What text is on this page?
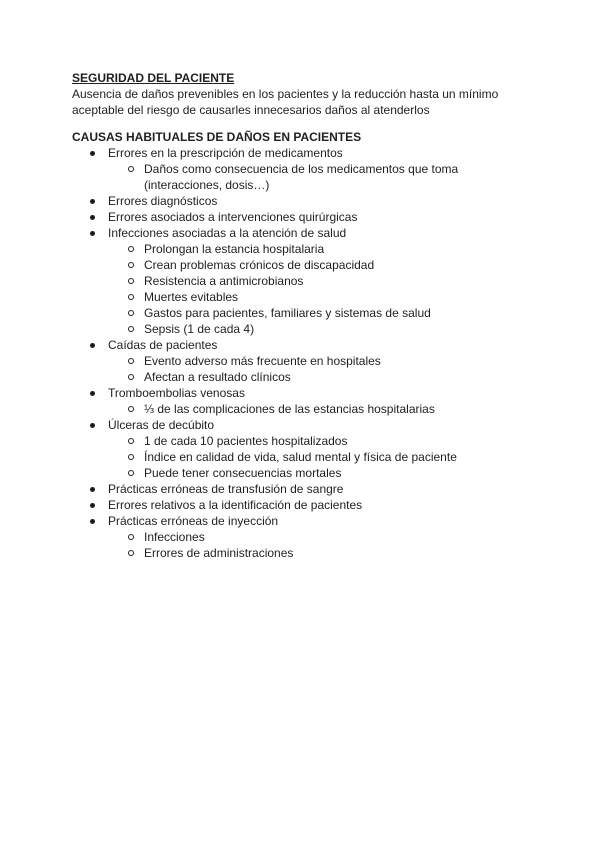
SEGURIDAD DEL PACIENTE

Ausencia de daños prevenibles en los pacientes y la reducción hasta un mínimo aceptable del riesgo de causarles innecesarios daños al atenderlos

CAUSAS HABITUALES DE DAÑOS EN PACIENTES

Errores en la prescripción de medicamentos
Daños como consecuencia de los medicamentos que toma (interacciones, dosis…)
Errores diagnósticos
Errores asociados a intervenciones quirúrgicas
Infecciones asociadas a la atención de salud
Prolongan la estancia hospitalaria
Crean problemas crónicos de discapacidad
Resistencia a antimicrobianos
Muertes evitables
Gastos para pacientes, familiares y sistemas de salud
Sepsis (1 de cada 4)
Caídas de pacientes
Evento adverso más frecuente en hospitales
Afectan a resultado clínicos
Tromboembolias venosas
⅓ de las complicaciones de las estancias hospitalarias
Úlceras de decúbito
1 de cada 10 pacientes hospitalizados
Índice en calidad de vida, salud mental y física de paciente
Puede tener consecuencias mortales
Prácticas erróneas de transfusión de sangre
Errores relativos a la identificación de pacientes
Prácticas erróneas de inyección
Infecciones
Errores de administraciones
